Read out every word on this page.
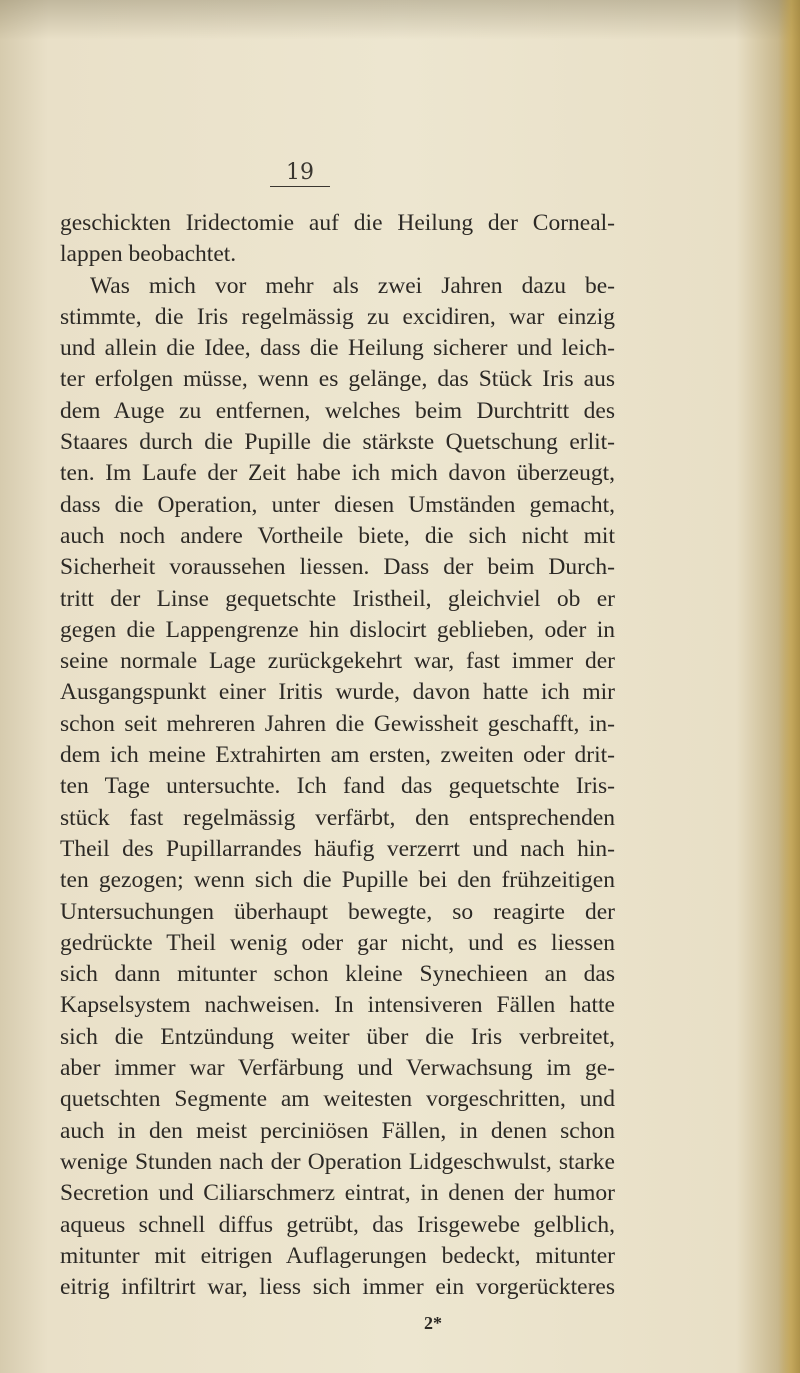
19
geschickten Iridectomie auf die Heilung der Corneal-
lappen beobachtet.
Was mich vor mehr als zwei Jahren dazu be-
stimmte, die Iris regelmässig zu excidiren, war einzig
und allein die Idee, dass die Heilung sicherer und leich-
ter erfolgen müsse, wenn es gelänge, das Stück Iris aus
dem Auge zu entfernen, welches beim Durchtritt des
Staares durch die Pupille die stärkste Quetschung erlit-
ten. Im Laufe der Zeit habe ich mich davon überzeugt,
dass die Operation, unter diesen Umständen gemacht,
auch noch andere Vortheile biete, die sich nicht mit
Sicherheit voraussehen liessen. Dass der beim Durch-
tritt der Linse gequetschte Iristheil, gleichviel ob er
gegen die Lappengrenze hin dislocirt geblieben, oder in
seine normale Lage zurückgekehrt war, fast immer der
Ausgangspunkt einer Iritis wurde, davon hatte ich mir
schon seit mehreren Jahren die Gewissheit geschafft, in-
dem ich meine Extrahirten am ersten, zweiten oder drit-
ten Tage untersuchte. Ich fand das gequetschte Iris-
stück fast regelmässig verfärbt, den entsprechenden
Theil des Pupillarrandes häufig verzerrt und nach hin-
ten gezogen; wenn sich die Pupille bei den frühzeitigen
Untersuchungen überhaupt bewegte, so reagirte der
gedrückte Theil wenig oder gar nicht, und es liessen
sich dann mitunter schon kleine Synechieen an das
Kapselsystem nachweisen. In intensiveren Fällen hatte
sich die Entzündung weiter über die Iris verbreitet,
aber immer war Verfärbung und Verwachsung im ge-
quetschten Segmente am weitesten vorgeschritten, und
auch in den meist perciniösen Fällen, in denen schon
wenige Stunden nach der Operation Lidgeschwulst, starke
Secretion und Ciliarschmerz eintrat, in denen der humor
aqueus schnell diffus getrübt, das Irisgewebe gelblich,
mitunter mit eitrigen Auflagerungen bedeckt, mitunter
eitrig infiltrirt war, liess sich immer ein vorgerückteres
2*
